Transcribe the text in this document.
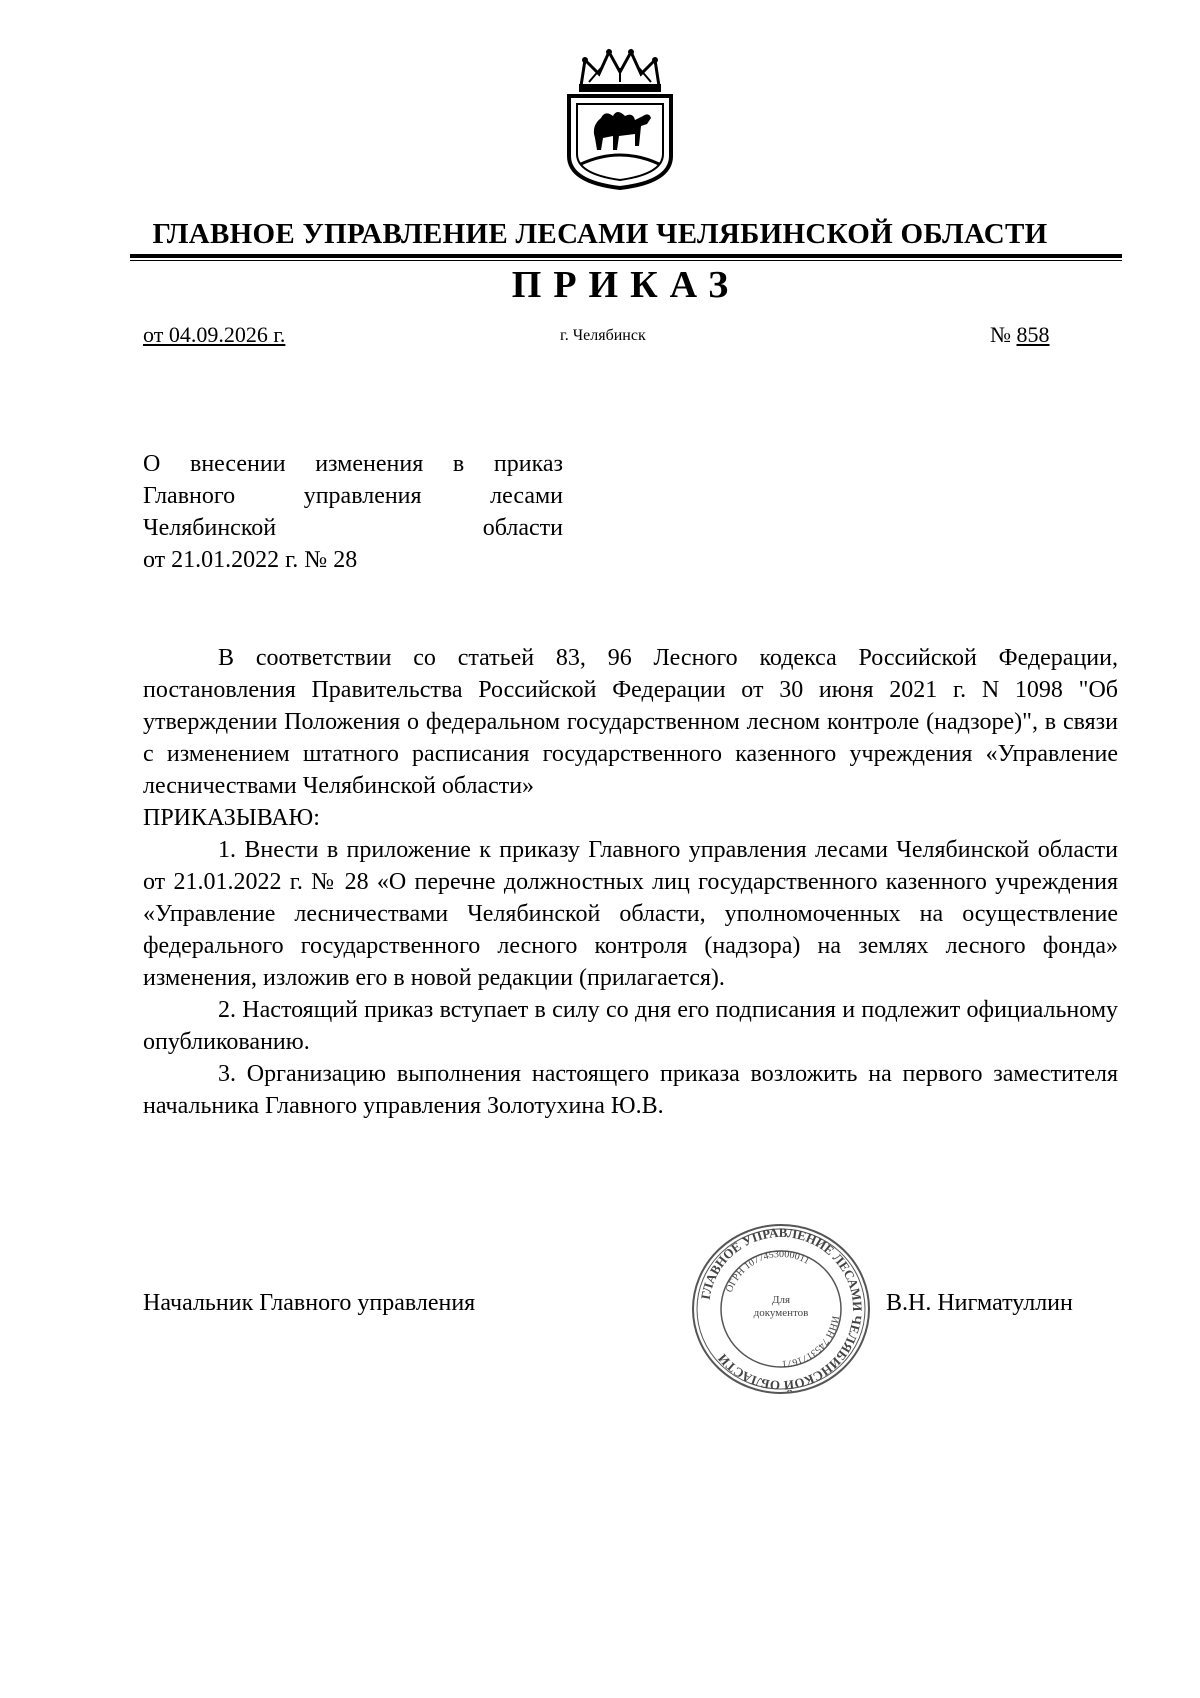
ГЛАВНОЕ УПРАВЛЕНИЕ ЛЕСАМИ ЧЕЛЯБИНСКОЙ ОБЛАСТИ
ПРИКАЗ
от 04.09.2026 г.	г. Челябинск	№ 858
О внесении изменения в приказ
Главного управления лесами
Челябинской области
от 21.01.2022 г. № 28

В соответствии со статьей 83, 96 Лесного кодекса Российской Федерации, постановления Правительства Российской Федерации от 30 июня 2021 г. N 1098 "Об утверждении Положения о федеральном государственном лесном контроле (надзоре)", в связи с изменением штатного расписания государственного казенного учреждения «Управление лесничествами Челябинской области»

ПРИКАЗЫВАЮ:

1. Внести в приложение к приказу Главного управления лесами Челябинской области от 21.01.2022 г. № 28 «О перечне должностных лиц государственного казенного учреждения «Управление лесничествами Челябинской области, уполномоченных на осуществление федерального государственного лесного контроля (надзора) на землях лесного фонда» изменения, изложив его в новой редакции (прилагается).

2. Настоящий приказ вступает в силу со дня его подписания и подлежит официальному опубликованию.

3. Организацию выполнения настоящего приказа возложить на первого заместителя начальника Главного управления Золотухина Ю.В.

Начальник Главного управления	ГЛАВНОЕ УПРАВЛЕНИЕ ЛЕСАМИ ЧЕЛЯБИНСКОЙ ОБЛАСТИ
ИНН 7453171671
ОГРН 1077453000011
Для документов	В.Н. Нигматуллин
